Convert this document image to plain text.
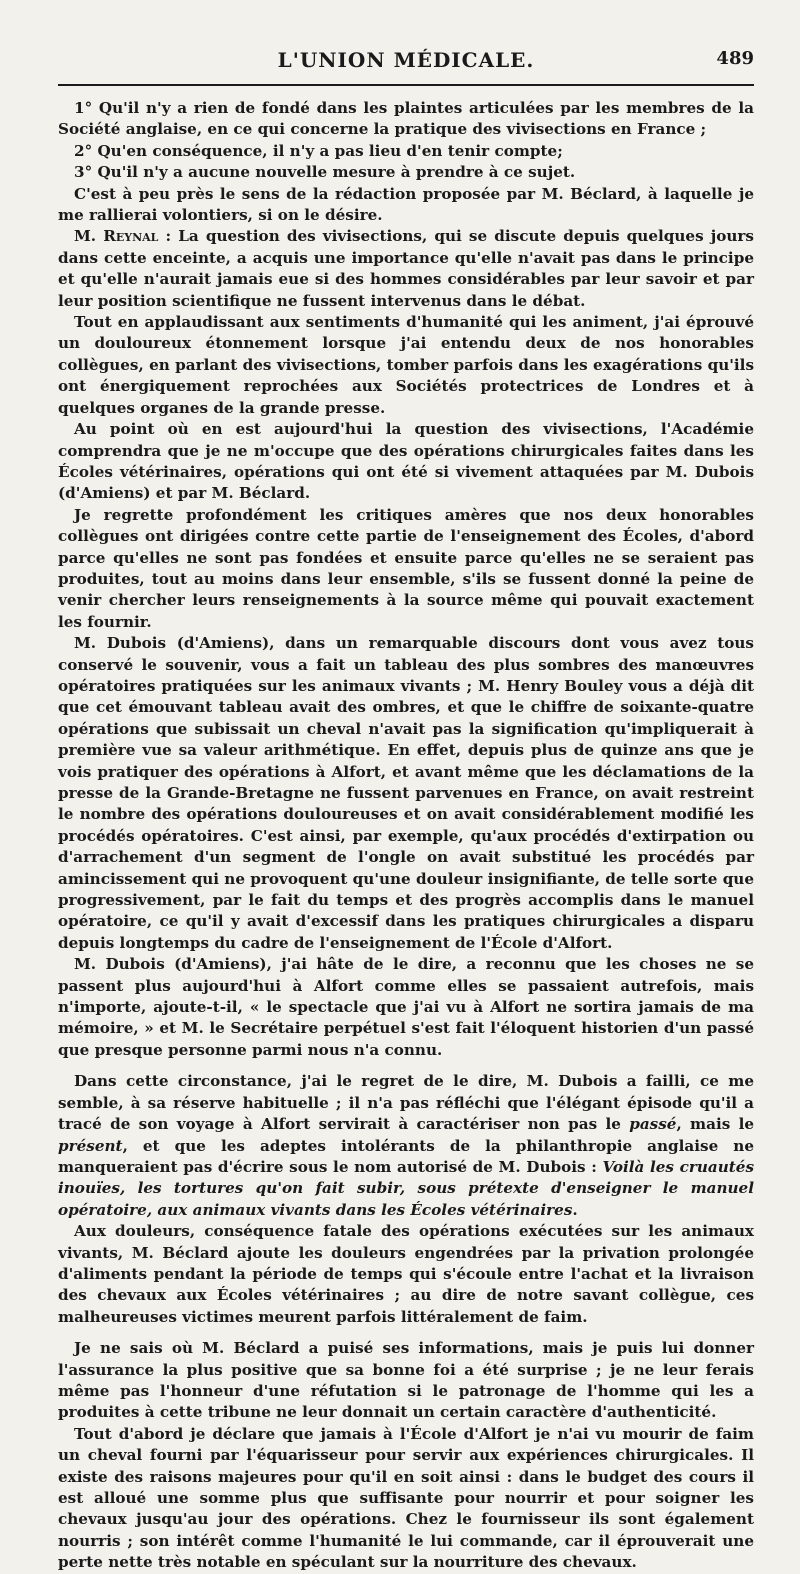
L'UNION MÉDICALE.	489

1° Qu'il n'y a rien de fondé dans les plaintes articulées par les membres de la Société anglaise, en ce qui concerne la pratique des vivisections en France ;

2° Qu'en conséquence, il n'y a pas lieu d'en tenir compte;

3° Qu'il n'y a aucune nouvelle mesure à prendre à ce sujet.

C'est à peu près le sens de la rédaction proposée par M. Béclard, à laquelle je me rallierai volontiers, si on le désire.

M. Reynal : La question des vivisections, qui se discute depuis quelques jours dans cette enceinte, a acquis une importance qu'elle n'avait pas dans le principe et qu'elle n'aurait jamais eue si des hommes considérables par leur savoir et par leur position scientifique ne fussent intervenus dans le débat.

Tout en applaudissant aux sentiments d'humanité qui les animent, j'ai éprouvé un douloureux étonnement lorsque j'ai entendu deux de nos honorables collègues, en parlant des vivisections, tomber parfois dans les exagérations qu'ils ont énergiquement reprochées aux Sociétés protectrices de Londres et à quelques organes de la grande presse.

Au point où en est aujourd'hui la question des vivisections, l'Académie comprendra que je ne m'occupe que des opérations chirurgicales faites dans les Écoles vétérinaires, opérations qui ont été si vivement attaquées par M. Dubois (d'Amiens) et par M. Béclard.

Je regrette profondément les critiques amères que nos deux honorables collègues ont dirigées contre cette partie de l'enseignement des Écoles, d'abord parce qu'elles ne sont pas fondées et ensuite parce qu'elles ne se seraient pas produites, tout au moins dans leur ensemble, s'ils se fussent donné la peine de venir chercher leurs renseignements à la source même qui pouvait exactement les fournir.

M. Dubois (d'Amiens), dans un remarquable discours dont vous avez tous conservé le souvenir, vous a fait un tableau des plus sombres des manœuvres opératoires pratiquées sur les animaux vivants ; M. Henry Bouley vous a déjà dit que cet émouvant tableau avait des ombres, et que le chiffre de soixante-quatre opérations que subissait un cheval n'avait pas la signification qu'impliquerait à première vue sa valeur arithmétique. En effet, depuis plus de quinze ans que je vois pratiquer des opérations à Alfort, et avant même que les déclamations de la presse de la Grande-Bretagne ne fussent parvenues en France, on avait restreint le nombre des opérations douloureuses et on avait considérablement modifié les procédés opératoires. C'est ainsi, par exemple, qu'aux procédés d'extirpation ou d'arrachement d'un segment de l'ongle on avait substitué les procédés par amincissement qui ne provoquent qu'une douleur insignifiante, de telle sorte que progressivement, par le fait du temps et des progrès accomplis dans le manuel opératoire, ce qu'il y avait d'excessif dans les pratiques chirurgicales a disparu depuis longtemps du cadre de l'enseignement de l'École d'Alfort.

M. Dubois (d'Amiens), j'ai hâte de le dire, a reconnu que les choses ne se passent plus aujourd'hui à Alfort comme elles se passaient autrefois, mais n'importe, ajoute-t-il, « le spectacle que j'ai vu à Alfort ne sortira jamais de ma mémoire, » et M. le Secrétaire perpétuel s'est fait l'éloquent historien d'un passé que presque personne parmi nous n'a connu.

Dans cette circonstance, j'ai le regret de le dire, M. Dubois a failli, ce me semble, à sa réserve habituelle ; il n'a pas réfléchi que l'élégant épisode qu'il a tracé de son voyage à Alfort servirait à caractériser non pas le passé, mais le présent, et que les adeptes intolérants de la philanthropie anglaise ne manqueraient pas d'écrire sous le nom autorisé de M. Dubois : Voilà les cruautés inouïes, les tortures qu'on fait subir, sous prétexte d'enseigner le manuel opératoire, aux animaux vivants dans les Écoles vétérinaires.

Aux douleurs, conséquence fatale des opérations exécutées sur les animaux vivants, M. Béclard ajoute les douleurs engendrées par la privation prolongée d'aliments pendant la période de temps qui s'écoule entre l'achat et la livraison des chevaux aux Écoles vétérinaires ; au dire de notre savant collègue, ces malheureuses victimes meurent parfois littéralement de faim.

Je ne sais où M. Béclard a puisé ses informations, mais je puis lui donner l'assurance la plus positive que sa bonne foi a été surprise ; je ne leur ferais même pas l'honneur d'une réfutation si le patronage de l'homme qui les a produites à cette tribune ne leur donnait un certain caractère d'authenticité.

Tout d'abord je déclare que jamais à l'École d'Alfort je n'ai vu mourir de faim un cheval fourni par l'équarisseur pour servir aux expériences chirurgicales. Il existe des raisons majeures pour qu'il en soit ainsi : dans le budget des cours il est alloué une somme plus que suffisante pour nourrir et pour soigner les chevaux jusqu'au jour des opérations. Chez le fournisseur ils sont également nourris ; son intérêt comme l'humanité le lui commande, car il éprouverait une perte nette très notable en spéculant sur la nourriture des chevaux.
